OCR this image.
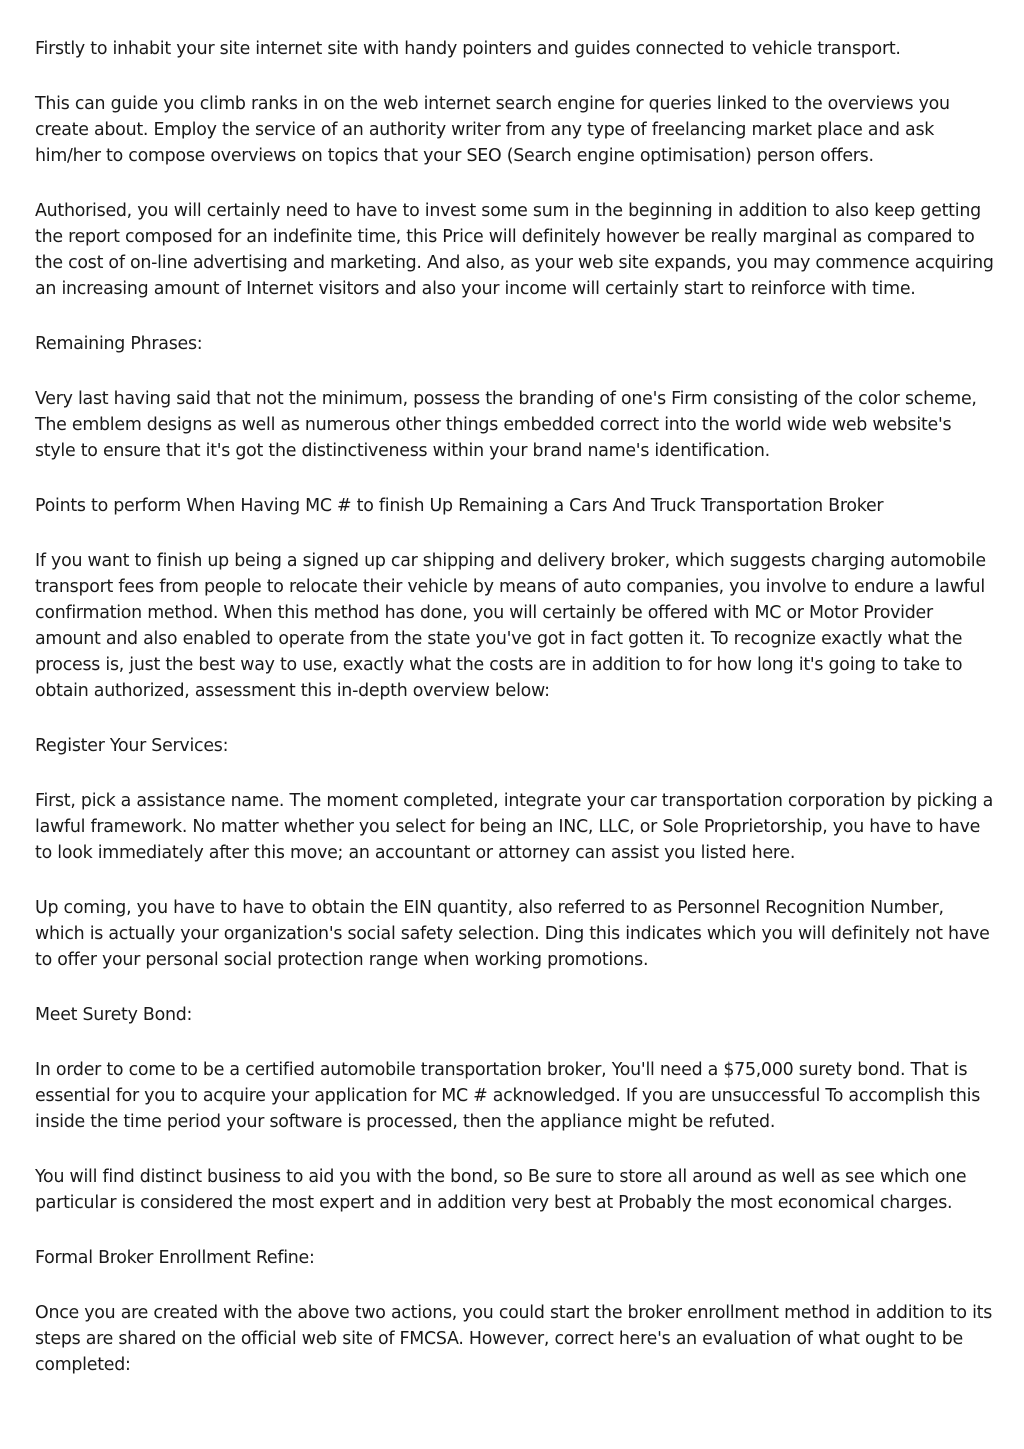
Firstly to inhabit your site internet site with handy pointers and guides connected to vehicle transport.

This can guide you climb ranks in on the web internet search engine for queries linked to the overviews you create about. Employ the service of an authority writer from any type of freelancing market place and ask him/her to compose overviews on topics that your SEO (Search engine optimisation) person offers.

Authorised, you will certainly need to have to invest some sum in the beginning in addition to also keep getting the report composed for an indefinite time, this Price will definitely however be really marginal as compared to the cost of on-line advertising and marketing. And also, as your web site expands, you may commence acquiring an increasing amount of Internet visitors and also your income will certainly start to reinforce with time.

Remaining Phrases:

Very last having said that not the minimum, possess the branding of one's Firm consisting of the color scheme, The emblem designs as well as numerous other things embedded correct into the world wide web website's style to ensure that it's got the distinctiveness within your brand name's identification.

Points to perform When Having MC # to finish Up Remaining a Cars And Truck Transportation Broker

If you want to finish up being a signed up car shipping and delivery broker, which suggests charging automobile transport fees from people to relocate their vehicle by means of auto companies, you involve to endure a lawful confirmation method. When this method has done, you will certainly be offered with MC or Motor Provider amount and also enabled to operate from the state you've got in fact gotten it. To recognize exactly what the process is, just the best way to use, exactly what the costs are in addition to for how long it's going to take to obtain authorized, assessment this in-depth overview below:

Register Your Services:

First, pick a assistance name. The moment completed, integrate your car transportation corporation by picking a lawful framework. No matter whether you select for being an INC, LLC, or Sole Proprietorship, you have to have to look immediately after this move; an accountant or attorney can assist you listed here.

Up coming, you have to have to obtain the EIN quantity, also referred to as Personnel Recognition Number, which is actually your organization's social safety selection. Ding this indicates which you will definitely not have to offer your personal social protection range when working promotions.

Meet Surety Bond:

In order to come to be a certified automobile transportation broker, You'll need a $75,000 surety bond. That is essential for you to acquire your application for MC # acknowledged. If you are unsuccessful To accomplish this inside the time period your software is processed, then the appliance might be refuted.

You will find distinct business to aid you with the bond, so Be sure to store all around as well as see which one particular is considered the most expert and in addition very best at Probably the most economical charges.

Formal Broker Enrollment Refine:

Once you are created with the above two actions, you could start the broker enrollment method in addition to its steps are shared on the official web site of FMCSA. However, correct here's an evaluation of what ought to be completed:
